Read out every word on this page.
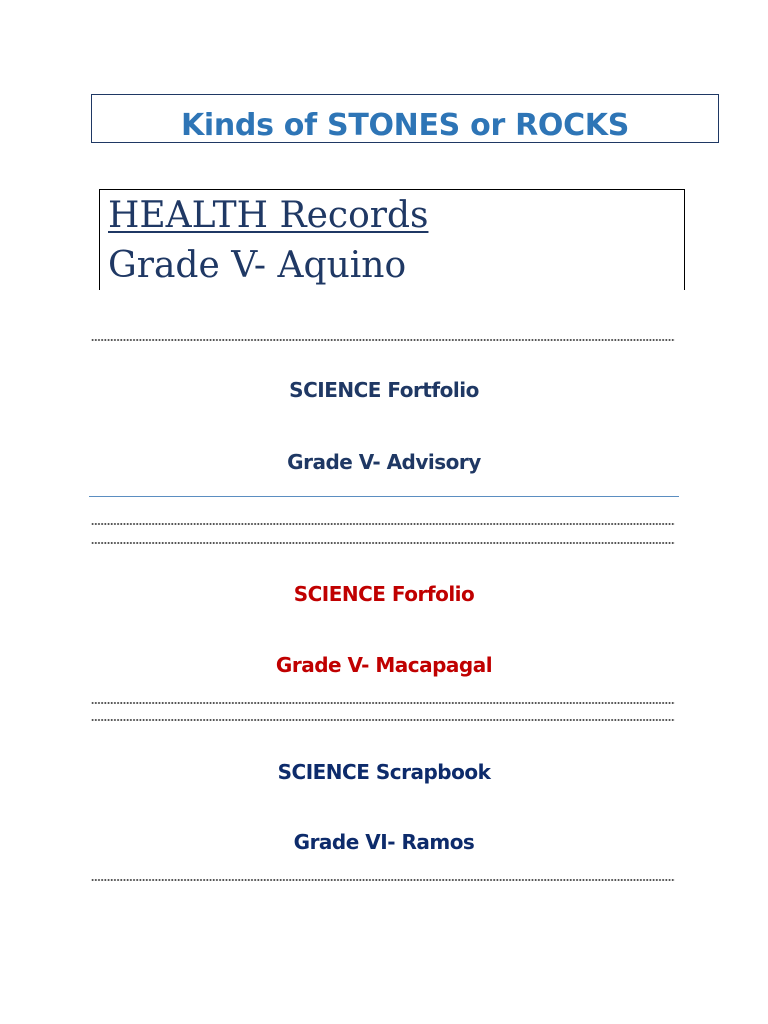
Kinds of STONES or ROCKS
HEALTH Records
Grade V- Aquino
SCIENCE Fortfolio
Grade V- Advisory
SCIENCE Forfolio
Grade V- Macapagal
SCIENCE Scrapbook
Grade VI- Ramos
